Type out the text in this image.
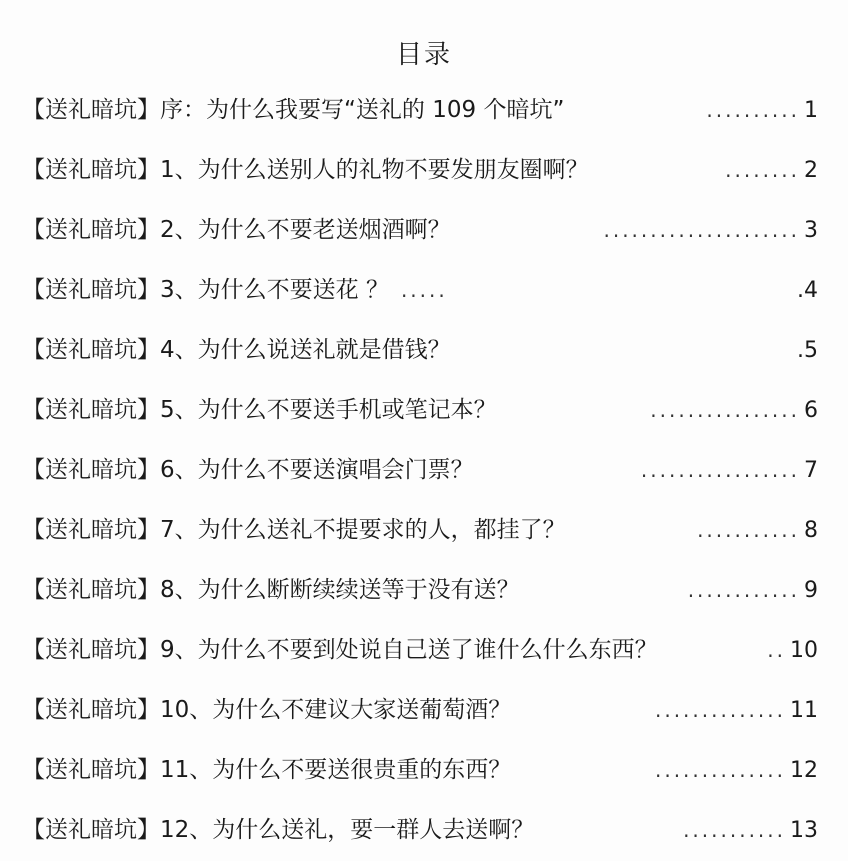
目录
【送礼暗坑】序：为什么我要写“送礼的 109 个暗坑”	.......... 1
【送礼暗坑】1、为什么送别人的礼物不要发朋友圈啊？	........ 2
【送礼暗坑】2、为什么不要老送烟酒啊？	..................... 3
【送礼暗坑】3、为什么不要送花 ？ .....	.4
【送礼暗坑】4、为什么说送礼就是借钱？	.5
【送礼暗坑】5、为什么不要送手机或笔记本？	................ 6
【送礼暗坑】6、为什么不要送演唱会门票？	................. 7
【送礼暗坑】7、为什么送礼不提要求的人，都挂了？	........... 8
【送礼暗坑】8、为什么断断续续送等于没有送？	............ 9
【送礼暗坑】9、为什么不要到处说自己送了谁什么什么东西？	.. 10
【送礼暗坑】10、为什么不建议大家送葡萄酒？	.............. 11
【送礼暗坑】11、为什么不要送很贵重的东西？	.............. 12
【送礼暗坑】12、为什么送礼，要一群人去送啊？	........... 13
